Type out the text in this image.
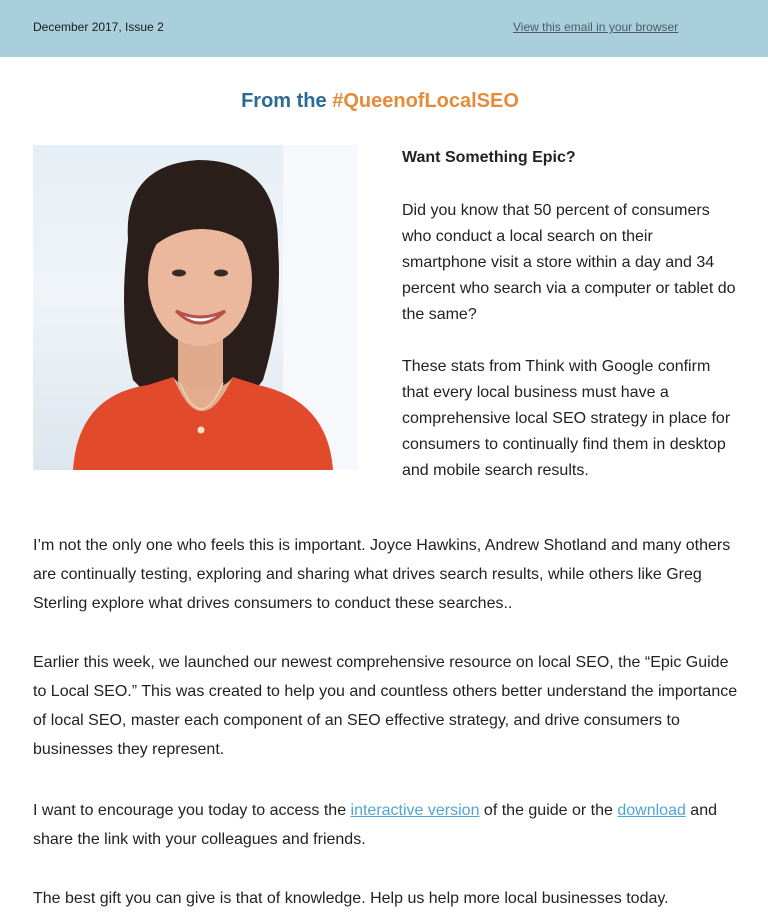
December 2017, Issue 2	View this email in your browser
From the #QueenofLocalSEO
Want Something Epic?

Did you know that 50 percent of consumers who conduct a local search on their smartphone visit a store within a day and 34 percent who search via a computer or tablet do the same?

These stats from Think with Google confirm that every local business must have a comprehensive local SEO strategy in place for consumers to continually find them in desktop and mobile search results.

I’m not the only one who feels this is important. Joyce Hawkins, Andrew Shotland and many others are continually testing, exploring and sharing what drives search results, while others like Greg Sterling explore what drives consumers to conduct these searches..

Earlier this week, we launched our newest comprehensive resource on local SEO, the “Epic Guide to Local SEO.” This was created to help you and countless others better understand the importance of local SEO, master each component of an SEO effective strategy, and drive consumers to businesses they represent.

I want to encourage you today to access the interactive version of the guide or the download and share the link with your colleagues and friends.

The best gift you can give is that of knowledge. Help us help more local businesses today.
